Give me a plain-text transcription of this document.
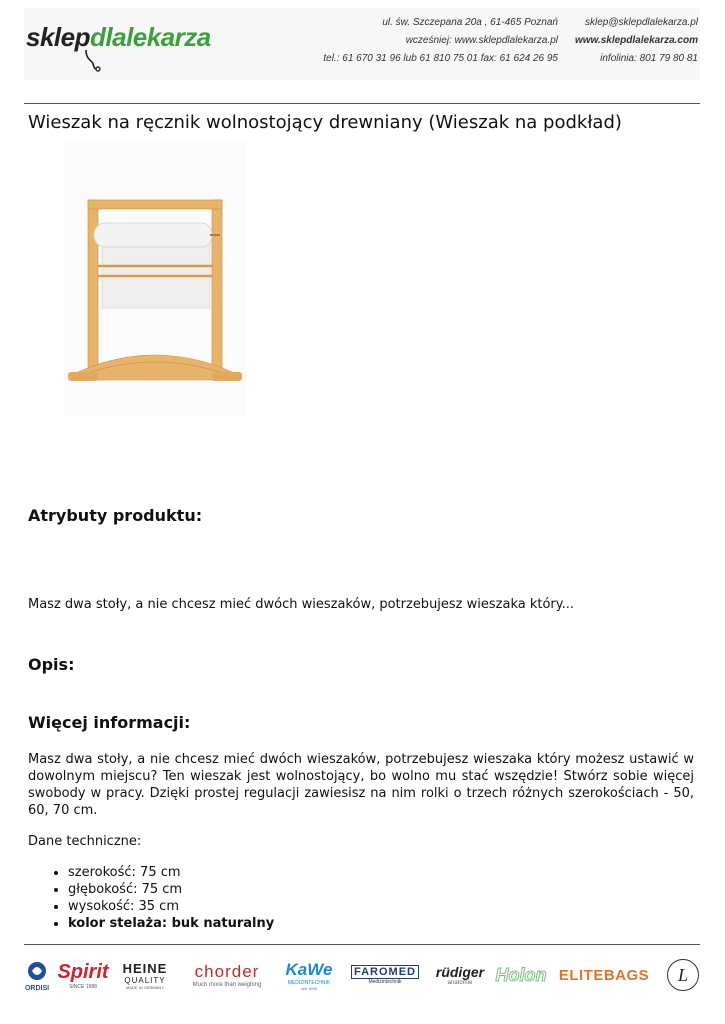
sklepdlalekarza	ul. św. Szczepana 20a , 61-465 Poznań
wcześniej: www.sklepdlalekarza.pl
tel.: 61 670 31 96 lub 61 810 75 01 fax: 61 624 26 95
sklep@sklepdlalekarza.pl
www.sklepdlalekarza.com
infolinia: 801 79 80 81
Wieszak na ręcznik wolnostojący drewniany (Wieszak na podkład)
Atrybuty produktu:

Masz dwa stoły, a nie chcesz mieć dwóch wieszaków, potrzebujesz wieszaka który...

Opis:
Więcej informacji:

Masz dwa stoły, a nie chcesz mieć dwóch wieszaków, potrzebujesz wieszaka który możesz ustawić w dowolnym miejscu? Ten wieszak jest wolnostojący, bo wolno mu stać wszędzie! Stwórz sobie więcej swobody w pracy. Dzięki prostej regulacji zawiesisz na nim rolki o trzech różnych szerokościach - 50, 60, 70 cm.

Dane techniczne:

• szerokość: 75 cm
• głębokość: 75 cm
• wysokość: 35 cm
• kolor stelaża: buk naturalny
ORDISI
Spirit
SINCE 1988
HEINE
QUALITY
MADE IN GERMANY
chorder
Much more than weighing
KaWe
MEDIZINTECHNIK
seit 1890
FAROMED
Medizintechnik
rüdiger
anatomie Holon ELITEBAGS L
